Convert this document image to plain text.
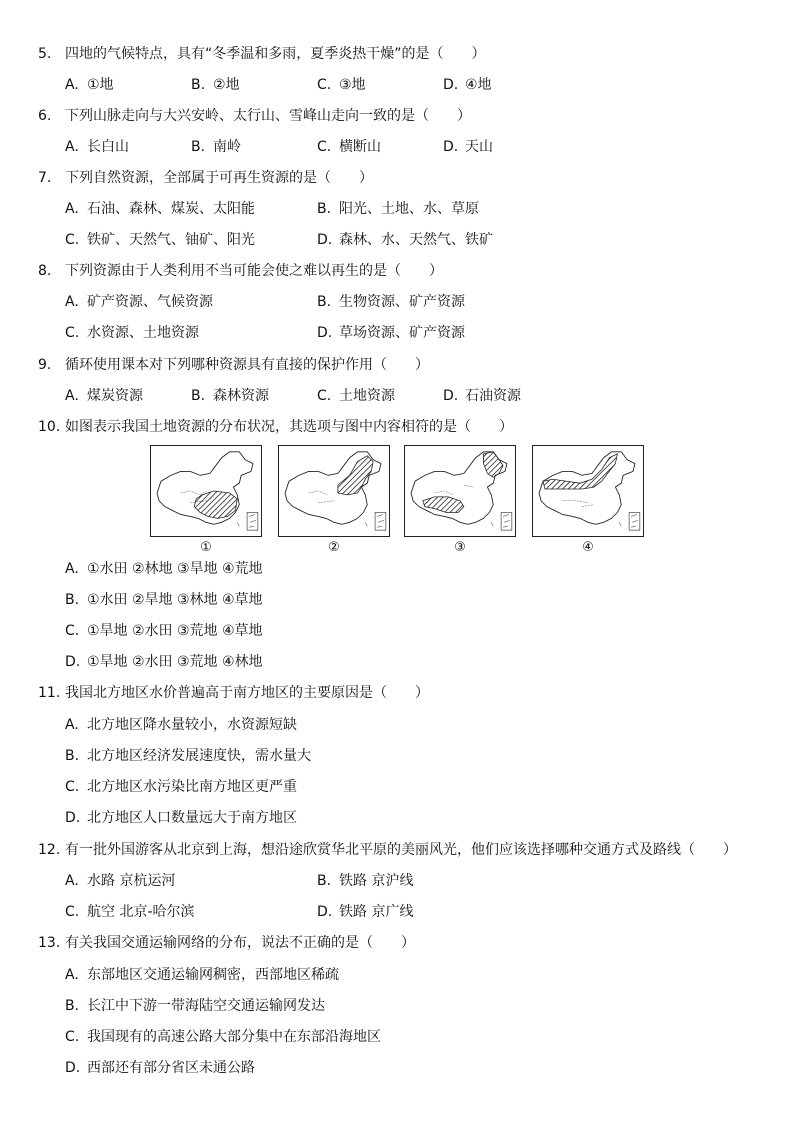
5. 四地的气候特点，具有“冬季温和多雨，夏季炎热干燥”的是（　　）
A. ①地	B. ②地	C. ③地	D. ④地
6. 下列山脉走向与大兴安岭、太行山、雪峰山走向一致的是（　　）
A. 长白山	B. 南岭	C. 横断山	D. 天山
7. 下列自然资源，全部属于可再生资源的是（　　）
A. 石油、森林、煤炭、太阳能	B. 阳光、土地、水、草原
C. 铁矿、天然气、铀矿、阳光	D. 森林、水、天然气、铁矿
8. 下列资源由于人类利用不当可能会使之难以再生的是（　　）
A. 矿产资源、气候资源	B. 生物资源、矿产资源
C. 水资源、土地资源	D. 草场资源、矿产资源
9. 循环使用课本对下列哪种资源具有直接的保护作用（　　）
A. 煤炭资源	B. 森林资源	C. 土地资源	D. 石油资源
10. 如图表示我国土地资源的分布状况，其选项与图中内容相符的是（　　）
①	②	③	④
A. ①水田 ②林地 ③旱地 ④荒地
B. ①水田 ②旱地 ③林地 ④草地
C. ①旱地 ②水田 ③荒地 ④草地
D. ①旱地 ②水田 ③荒地 ④林地
11. 我国北方地区水价普遍高于南方地区的主要原因是（　　）
A. 北方地区降水量较小，水资源短缺
B. 北方地区经济发展速度快，需水量大
C. 北方地区水污染比南方地区更严重
D. 北方地区人口数量远大于南方地区
12. 有一批外国游客从北京到上海，想沿途欣赏华北平原的美丽风光，他们应该选择哪种交通方式及路线（　　）
A. 水路 京杭运河	B. 铁路 京沪线
C. 航空 北京-哈尔滨	D. 铁路 京广线
13. 有关我国交通运输网络的分布，说法不正确的是（　　）
A. 东部地区交通运输网稠密，西部地区稀疏
B. 长江中下游一带海陆空交通运输网发达
C. 我国现有的高速公路大部分集中在东部沿海地区
D. 西部还有部分省区未通公路
